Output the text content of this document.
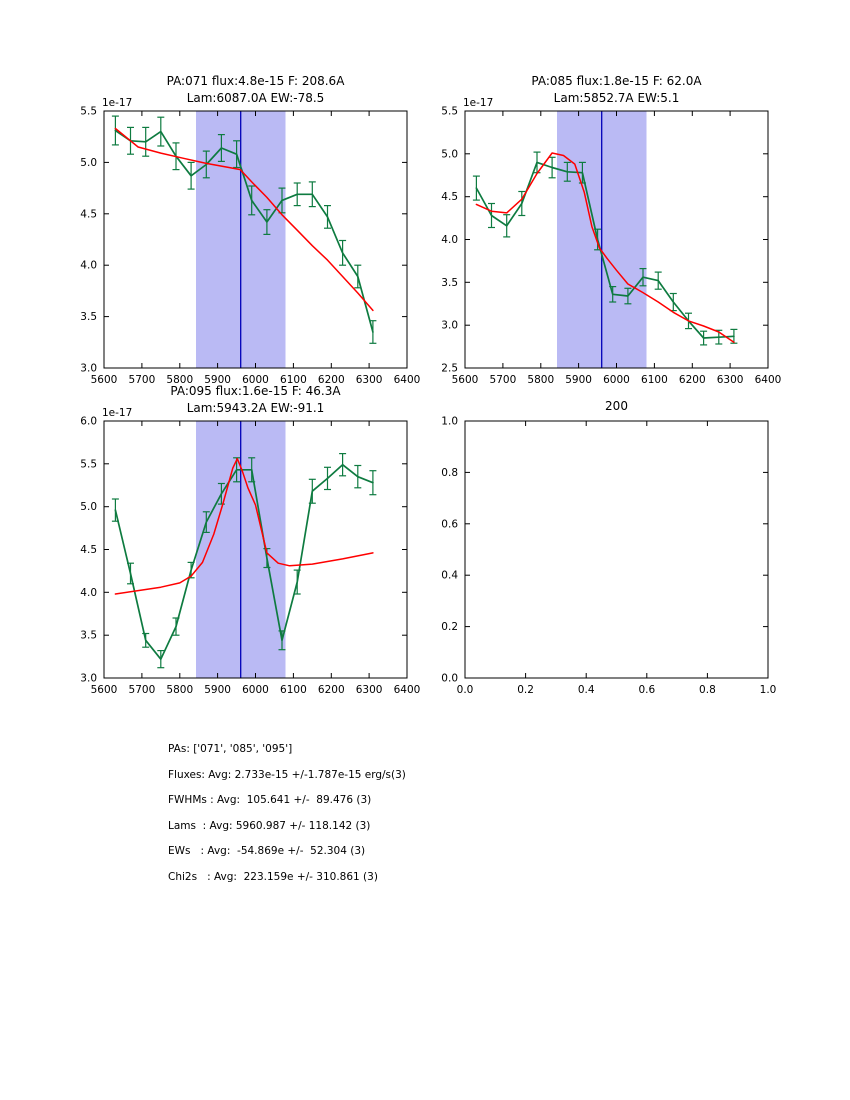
5600 5700 5800 5900 6000 6100 6200 6300 6400
3.0
3.5
4.0
4.5
5.0
5.5
1e-17
PA:071 flux:4.8e-15 F: 208.6A
Lam:6087.0A EW:-78.5
5600 5700 5800 5900 6000 6100 6200 6300 6400
2.5
3.0
3.5
4.0
4.5
5.0
5.5
1e-17
PA:085 flux:1.8e-15 F: 62.0A
Lam:5852.7A EW:5.1
5600 5700 5800 5900 6000 6100 6200 6300 6400
3.0
3.5
4.0
4.5
5.0
5.5
6.0
1e-17
PA:095 flux:1.6e-15 F: 46.3A
Lam:5943.2A EW:-91.1
0.0	0.2	0.4	0.6	0.8	1.0
0.0
0.2
0.4
0.6
0.8
1.0
200
PAs: ['071', '085', '095']
Fluxes: Avg: 2.733e-15 +/-1.787e-15 erg/s(3)
FWHMs : Avg:  105.641 +/-  89.476 (3)
Lams  : Avg: 5960.987 +/- 118.142 (3)
EWs   : Avg:  -54.869e +/-  52.304 (3)
Chi2s   : Avg:  223.159e +/- 310.861 (3)
